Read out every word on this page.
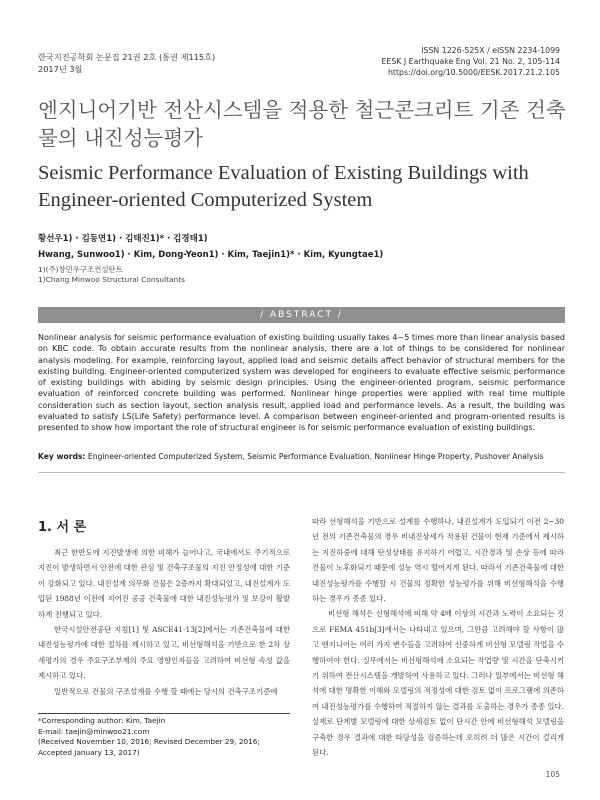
한국지진공학회 논문집 21권 2호 (통권 제115호)
2017년 3월
ISSN 1226-525X / eISSN 2234-1099
EESK J Earthquake Eng Vol. 21 No. 2, 105-114
https://doi.org/10.5000/EESK.2017.21.2.105
엔지니어기반 전산시스템을 적용한 철근콘크리트 기존 건축물의 내진성능평가
Seismic Performance Evaluation of Existing Buildings with Engineer-oriented Computerized System
황선우1) · 김동연1) · 김태진1)* · 김경태1)
Hwang, Sunwoo1) · Kim, Dong-Yeon1) · Kim, Taejin1)* · Kim, Kyungtae1)
1)(주)창민우구조컨설탄트
1)Chang Minwoo Structural Consultants
/ ABSTRACT /
Nonlinear analysis for seismic performance evaluation of existing building usually takes 4~5 times more than linear analysis based on KBC code. To obtain accurate results from the nonlinear analysis, there are a lot of things to be considered for nonlinear analysis modeling. For example, reinforcing layout, applied load and seismic details affect behavior of structural members for the existing building. Engineer-oriented computerized system was developed for engineers to evaluate effective seismic performance of existing buildings with abiding by seismic design principles. Using the engineer-oriented program, seismic performance evaluation of reinforced concrete building was performed. Nonlinear hinge properties were applied with real time multiple consideration such as section layout, section analysis result, applied load and performance levels. As a result, the building was evaluated to satisfy LS(Life Safety) performance level. A comparison between engineer-oriented and program-oriented results is presented to show how important the role of structural engineer is for seismic performance evaluation of existing buildings.
Key words: Engineer-oriented Computerized System, Seismic Performance Evaluation, Nonlinear Hinge Property, Pushover Analysis
1. 서 론

최근 한반도에 지진발생에 의한 피해가 늘어나고, 국내에서도 주기적으로 지진이 발생하면서 안전에 대한 관심 및 건축구조물의 지진 안정성에 대한 기준이 강화되고 있다. 내진설계 의무화 건물은 2층까지 확대되었고, 내진설계가 도입된 1988년 이전에 지어진 공공 건축물에 대한 내진성능평가 및 보강이 활발하게 진행되고 있다.

한국시설안전공단 지침[1] 및 ASCE41-13[2]에서는 기존건축물에 대한 내진성능평가에 대한 절차를 제시하고 있고, 비선형해석을 기반으로 한 2차 상세평가의 경우 주요구조부재의 주요 영향인자들을 고려하여 비선형 속성 값을 제시하고 있다.

일반적으로 건물의 구조설계를 수행 할 때에는 당시의 건축구조기준에

따라 선형해석을 기반으로 설계를 수행하나, 내진설계가 도입되기 이전 2~30년 전의 기존건축물의 경우 비내진상세가 적용된 건물이 현재 기준에서 제시하는 지진하중에 대해 탄성상태를 유지하기 어렵고, 시간경과 및 손상 등에 따라 건물이 노후화되기 때문에 성능 역시 떨어지게 된다. 따라서 기존건축물에 대한 내진성능평가를 수행할 시 건물의 정확한 성능평가를 위해 비선형해석을 수행하는 경우가 종종 있다.

비선형 해석은 선형해석에 비해 약 4배 이상의 시간과 노력이 소요되는 것으로 FEMA 451b[3]에서는 나타내고 있으며, 그만큼 고려해야 할 사항이 많고 엔지니어는 여러 가지 변수들을 고려하여 신중하게 비선형 모델링 작업을 수행하여야 한다. 실무에서는 비선형해석에 소요되는 작업량 및 시간을 단축시키기 위하여 전산시스템을 개발하여 사용하고 있다. 그러나 일부에서는 비선형 해석에 대한 명확한 이해와 모델링의 적정성에 대한 검토 없이 프로그램에 의존하여 내진성능평가를 수행하여 적절하지 않는 결과를 도출하는 경우가 종종 있다. 실제로 단계별 모델링에 대한 상세검토 없이 단시간 안에 비선형해석 모델링을 구축한 경우 결과에 대한 타당성을 검증하는데 오히려 더 많은 시간이 걸리게 된다.

*Corresponding author: Kim, Taejin
E-mail: taejin@minwoo21.com
(Received November 10, 2016; Revised December 29, 2016; Accepted January 13, 2017)
105
